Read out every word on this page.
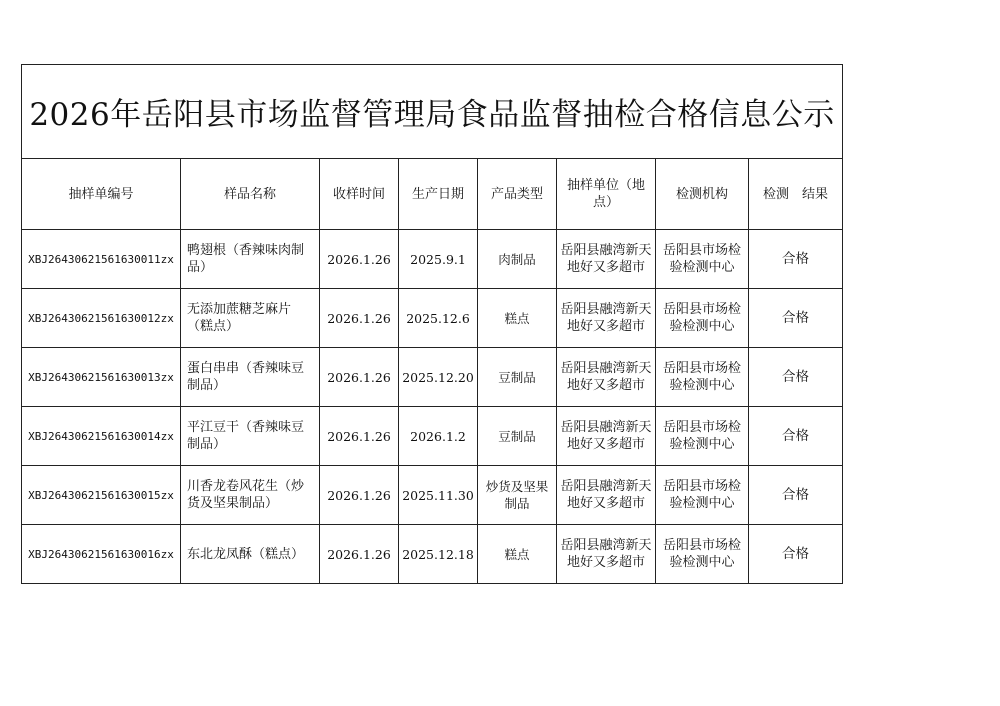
2026年岳阳县市场监督管理局食品监督抽检合格信息公示							
抽样单编号	样品名称	收样时间	生产日期	产品类型	抽样单位（地点）	检测机构	检测　结果
XBJ26430621561630011zx	鸭翅根（香辣味肉制品）	2026.1.26	2025.9.1	肉制品	岳阳县融湾新天地好又多超市	岳阳县市场检验检测中心	合格
XBJ26430621561630012zx	无添加蔗糖芝麻片（糕点）	2026.1.26	2025.12.6	糕点	岳阳县融湾新天地好又多超市	岳阳县市场检验检测中心	合格
XBJ26430621561630013zx	蛋白串串（香辣味豆制品）	2026.1.26	2025.12.20	豆制品	岳阳县融湾新天地好又多超市	岳阳县市场检验检测中心	合格
XBJ26430621561630014zx	平江豆干（香辣味豆制品）	2026.1.26	2026.1.2	豆制品	岳阳县融湾新天地好又多超市	岳阳县市场检验检测中心	合格
XBJ26430621561630015zx	川香龙卷风花生（炒货及坚果制品）	2026.1.26	2025.11.30	炒货及坚果制品	岳阳县融湾新天地好又多超市	岳阳县市场检验检测中心	合格
XBJ26430621561630016zx	东北龙凤酥（糕点）	2026.1.26	2025.12.18	糕点	岳阳县融湾新天地好又多超市	岳阳县市场检验检测中心	合格
